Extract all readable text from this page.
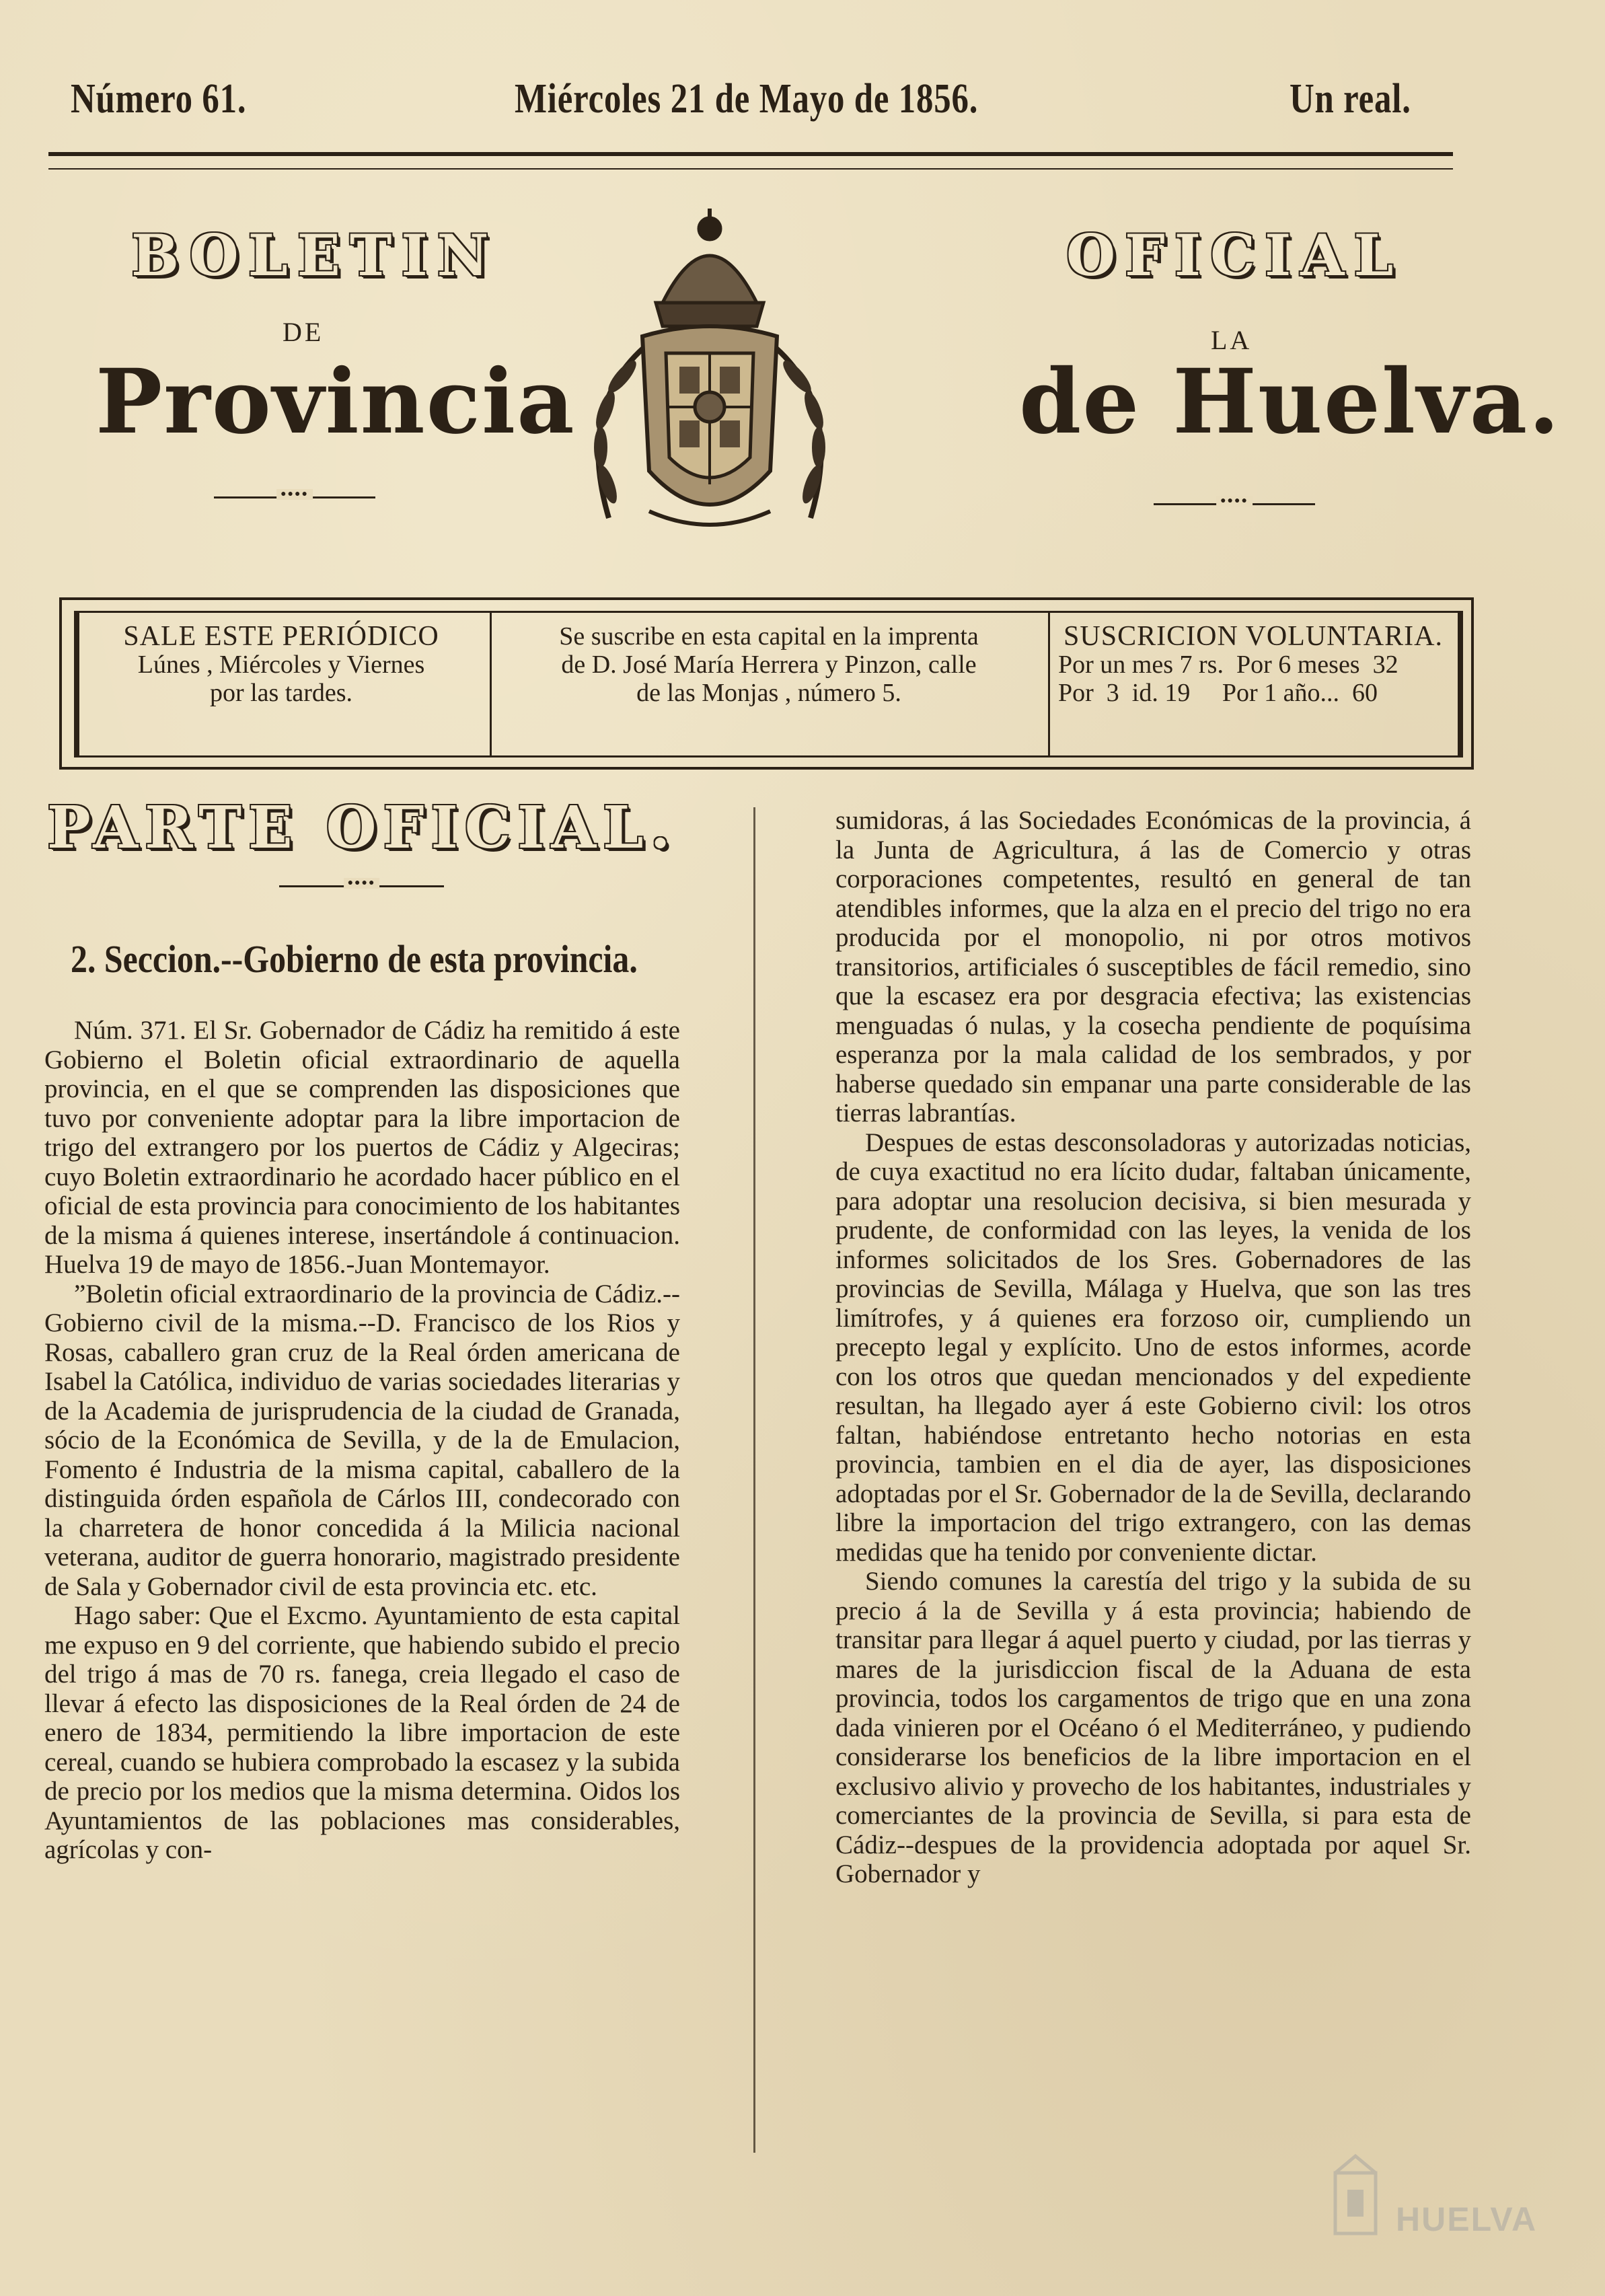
Número 61.	Miércoles 21 de Mayo de 1856.	Un real.
BOLETIN	OFICIAL
DE	LA
Provincia	de Huelva.
●●●●
●●●●
SALE ESTE PERIÓDICO
Lúnes , Miércoles y Viernes
por las tardes.
Se suscribe en esta capital en la imprenta
de D. José María Herrera y Pinzon, calle
de las Monjas , número 5.
SUSCRICION VOLUNTARIA.
Por un mes 7 rs.  Por 6 meses  32
Por  3  id. 19     Por 1 año...  60
PARTE OFICIAL.
●●●●
2. Seccion.--Gobierno de esta provincia.

Núm. 371. El Sr. Gobernador de Cádiz ha remitido á este Gobierno el Boletin oficial extraordinario de aquella provincia, en el que se comprenden las disposiciones que tuvo por conveniente adoptar para la libre importacion de trigo del extrangero por los puertos de Cádiz y Algeciras; cuyo Boletin extraordinario he acordado hacer público en el oficial de esta provincia para conocimiento de los habitantes de la misma á quienes interese, insertándole á continuacion. Huelva 19 de mayo de 1856.-Juan Montemayor.

”Boletin oficial extraordinario de la provincia de Cádiz.--Gobierno civil de la misma.--D. Francisco de los Rios y Rosas, caballero gran cruz de la Real órden americana de Isabel la Católica, individuo de varias sociedades literarias y de la Academia de jurisprudencia de la ciudad de Granada, sócio de la Económica de Sevilla, y de la de Emulacion, Fomento é Industria de la misma capital, caballero de la distinguida órden española de Cárlos III, condecorado con la charretera de honor concedida á la Milicia nacional veterana, auditor de guerra honorario, magistrado presidente de Sala y Gobernador civil de esta provincia etc. etc.

Hago saber: Que el Excmo. Ayuntamiento de esta capital me expuso en 9 del corriente, que habiendo subido el precio del trigo á mas de 70 rs. fanega, creia llegado el caso de llevar á efecto las disposiciones de la Real órden de 24 de enero de 1834, permitiendo la libre importacion de este cereal, cuando se hubiera comprobado la escasez y la subida de precio por los medios que la misma determina. Oidos los Ayuntamientos de las poblaciones mas considerables, agrícolas y con-

sumidoras, á las Sociedades Económicas de la provincia, á la Junta de Agricultura, á las de Comercio y otras corporaciones competentes, resultó en general de tan atendibles informes, que la alza en el precio del trigo no era producida por el monopolio, ni por otros motivos transitorios, artificiales ó susceptibles de fácil remedio, sino que la escasez era por desgracia efectiva; las existencias menguadas ó nulas, y la cosecha pendiente de poquísima esperanza por la mala calidad de los sembrados, y por haberse quedado sin empanar una parte considerable de las tierras labrantías.

Despues de estas desconsoladoras y autorizadas noticias, de cuya exactitud no era lícito dudar, faltaban únicamente, para adoptar una resolucion decisiva, si bien mesurada y prudente, de conformidad con las leyes, la venida de los informes solicitados de los Sres. Gobernadores de las provincias de Sevilla, Málaga y Huelva, que son las tres limítrofes, y á quienes era forzoso oir, cumpliendo un precepto legal y explícito. Uno de estos informes, acorde con los otros que quedan mencionados y del expediente resultan, ha llegado ayer á este Gobierno civil: los otros faltan, habiéndose entretanto hecho notorias en esta provincia, tambien en el dia de ayer, las disposiciones adoptadas por el Sr. Gobernador de la de Sevilla, declarando libre la importacion del trigo extrangero, con las demas medidas que ha tenido por conveniente dictar.

Siendo comunes la carestía del trigo y la subida de su precio á la de Sevilla y á esta provincia; habiendo de transitar para llegar á aquel puerto y ciudad, por las tierras y mares de la jurisdiccion fiscal de la Aduana de esta provincia, todos los cargamentos de trigo que en una zona dada vinieren por el Océano ó el Mediterráneo, y pudiendo considerarse los beneficios de la libre importacion en el exclusivo alivio y provecho de los habitantes, industriales y comerciantes de la provincia de Sevilla, si para esta de Cádiz--despues de la providencia adoptada por aquel Sr. Gobernador y

HUELVA
